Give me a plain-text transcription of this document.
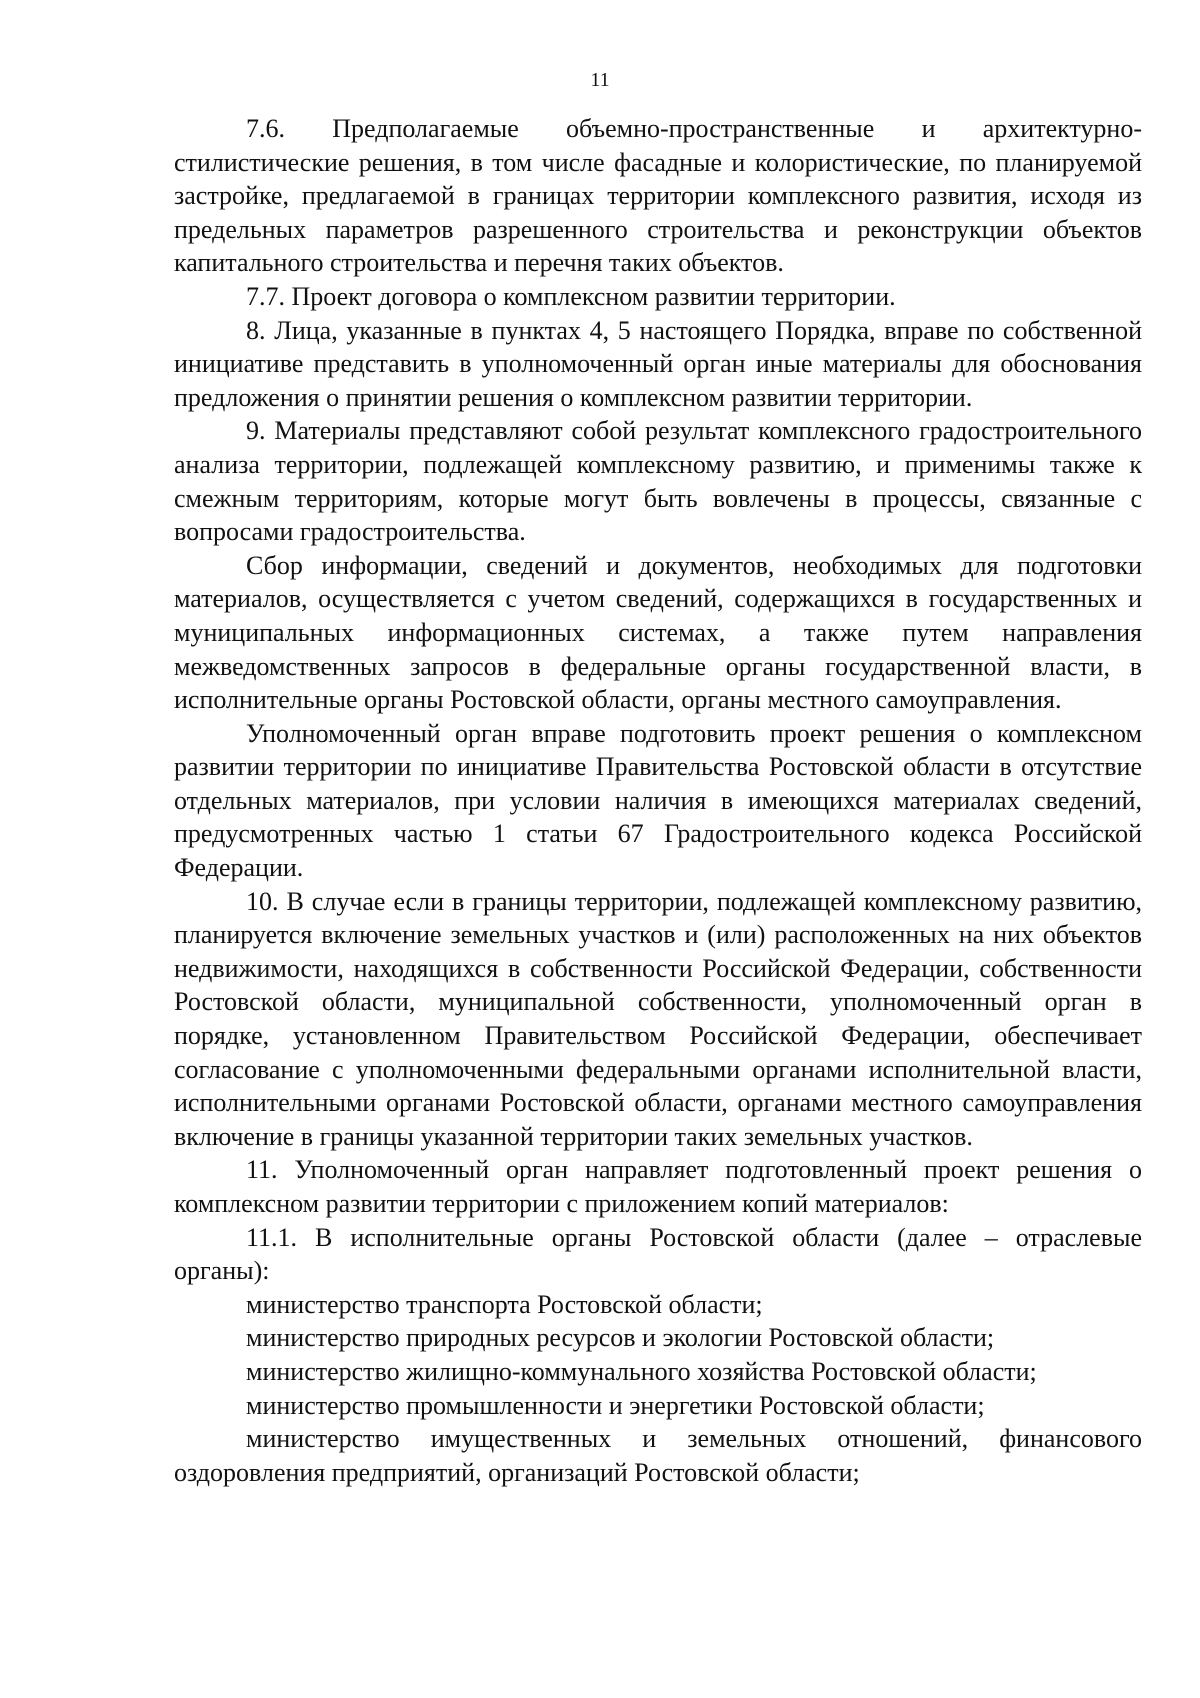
11

7.6. Предполагаемые объемно-пространственные и архитектурно-стилистические решения, в том числе фасадные и колористические, по планируемой застройке, предлагаемой в границах территории комплексного развития, исходя из предельных параметров разрешенного строительства и реконструкции объектов капитального строительства и перечня таких объектов.

7.7. Проект договора о комплексном развитии территории.

8. Лица, указанные в пунктах 4, 5 настоящего Порядка, вправе по собственной инициативе представить в уполномоченный орган иные материалы для обоснования предложения о принятии решения о комплексном развитии территории.

9. Материалы представляют собой результат комплексного градостроительного анализа территории, подлежащей комплексному развитию, и применимы также к смежным территориям, которые могут быть вовлечены в процессы, связанные с вопросами градостроительства.

Сбор информации, сведений и документов, необходимых для подготовки материалов, осуществляется с учетом сведений, содержащихся в государственных и муниципальных информационных системах, а также путем направления межведомственных запросов в федеральные органы государственной власти, в исполнительные органы Ростовской области, органы местного самоуправления.

Уполномоченный орган вправе подготовить проект решения о комплексном развитии территории по инициативе Правительства Ростовской области в отсутствие отдельных материалов, при условии наличия в имеющихся материалах сведений, предусмотренных частью 1 статьи 67 Градостроительного кодекса Российской Федерации.

10. В случае если в границы территории, подлежащей комплексному развитию, планируется включение земельных участков и (или) расположенных на них объектов недвижимости, находящихся в собственности Российской Федерации, собственности Ростовской области, муниципальной собственности, уполномоченный орган в порядке, установленном Правительством Российской Федерации, обеспечивает согласование с уполномоченными федеральными органами исполнительной власти, исполнительными органами Ростовской области, органами местного самоуправления включение в границы указанной территории таких земельных участков.

11. Уполномоченный орган направляет подготовленный проект решения о комплексном развитии территории с приложением копий материалов:

11.1. В исполнительные органы Ростовской области (далее – отраслевые органы):

министерство транспорта Ростовской области;

министерство природных ресурсов и экологии Ростовской области;

министерство жилищно-коммунального хозяйства Ростовской области;

министерство промышленности и энергетики Ростовской области;

министерство имущественных и земельных отношений, финансового оздоровления предприятий, организаций Ростовской области;
